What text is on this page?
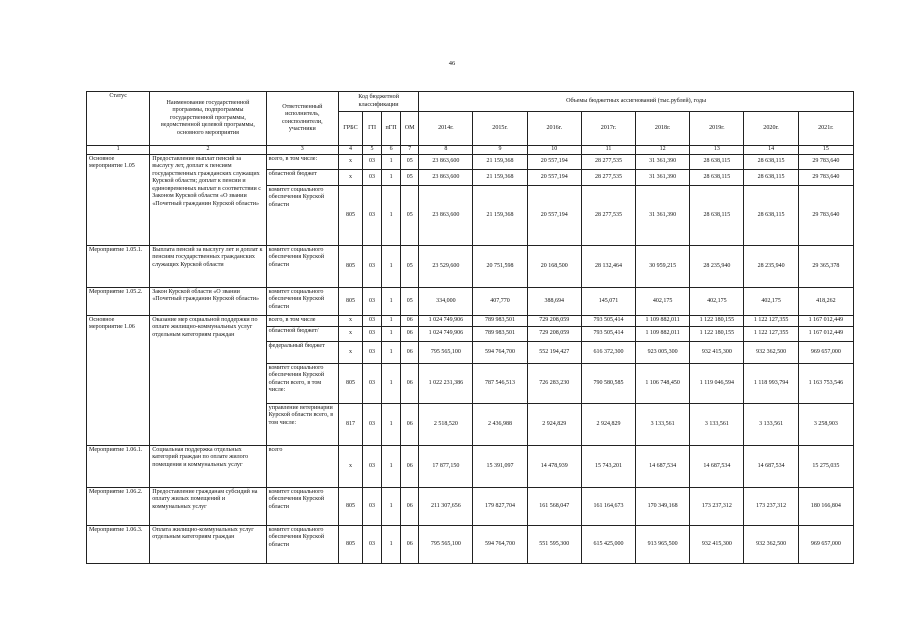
46
Статус	Наименование государственной программы, подпрограммы государственной программы, ведомственной целевой программы, основного мероприятия	Ответственный исполнитель, соисполнители, участники	Код бюджетной классификации				Объемы бюджетных ассигнований (тыс.рублей), годы							
			ГРБС	ГП	пГП	ОМ	2014г.	2015г.	2016г.	2017г.	2018г.	2019г.	2020г.	2021г.
1	2	3	4	5	6	7	8	9	10	11	12	13	14	15
Основное мероприятие 1.05	Предоставление выплат пенсий за выслугу лет, доплат к пенсиям государственных гражданских служащих Курской области; доплат к пенсии и единовременных выплат в соответствии с Законом Курской области «О звании «Почетный гражданин Курской области»	всего, в том числе:	х	03	1	05	23 863,600	21 159,368	20 557,194	28 277,535	31 361,390	28 638,115	28 638,115	29 783,640
		областной бюджет	х	03	1	05	23 863,600	21 159,368	20 557,194	28 277,535	31 361,390	28 638,115	28 638,115	29 783,640
		комитет социального обеспечения Курской области	805	03	1	05	23 863,600	21 159,368	20 557,194	28 277,535	31 361,390	28 638,115	28 638,115	29 783,640
Мероприятие 1.05.1.	Выплата пенсий за выслугу лет и доплат к пенсиям государственных гражданских служащих Курской области	комитет социального обеспечения Курской области	805	03	1	05	23 529,600	20 751,598	20 168,500	28 132,464	30 959,215	28 235,940	28 235,940	29 365,378
Мероприятие 1.05.2.	Закон Курской области «О звании «Почетный гражданин Курской области»	комитет социального обеспечения Курской области	805	03	1	05	334,000	407,770	388,694	145,071	402,175	402,175	402,175	418,262
Основное мероприятие 1.06	Оказание мер социальной поддержки по оплате жилищно-коммунальных услуг отдельным категориям граждан	всего, в том числе	х	03	1	06	1 024 749,906	789 983,501	729 208,059	793 505,414	1 109 882,011	1 122 180,155	1 122 127,355	1 167 012,449
		областной бюджет/	х	03	1	06	1 024 749,906	789 983,501	729 208,059	793 505,414	1 109 882,011	1 122 180,155	1 122 127,355	1 167 012,449
		федеральный бюджет	х	03	1	06	795 565,100	594 764,700	552 194,427	616 372,300	923 005,300	932 415,300	932 362,500	969 657,000
		комитет социального обеспечения Курской области всего, в том числе:	805	03	1	06	1 022 231,386	787 546,513	726 283,230	790 580,585	1 106 748,450	1 119 046,594	1 118 993,794	1 163 753,546
		управление ветеринарии Курской области всего, в том числе:	817	03	1	06	2 518,520	2 436,988	2 924,829	2 924,829	3 133,561	3 133,561	3 133,561	3 258,903
Мероприятие 1.06.1.	Социальная поддержка отдельных категорий граждан по оплате жилого помещения и коммунальных услуг	всего	х	03	1	06	17 877,150	15 391,097	14 478,939	15 743,201	14 687,534	14 687,534	14 687,534	15 275,035
Мероприятие 1.06.2.	Предоставление гражданам субсидий на оплату жилых помещений и коммунальных услуг	комитет социального обеспечения Курской области	805	03	1	06	211 307,656	179 827,704	161 568,047	161 164,673	170 349,168	173 237,312	173 237,312	180 166,804
Мероприятие 1.06.3.	Оплата жилищно-коммунальных услуг отдельным категориям граждан	комитет социального обеспечения Курской области	805	03	1	06	795 565,100	594 764,700	551 595,300	615 425,000	913 965,500	932 415,300	932 362,500	969 657,000
